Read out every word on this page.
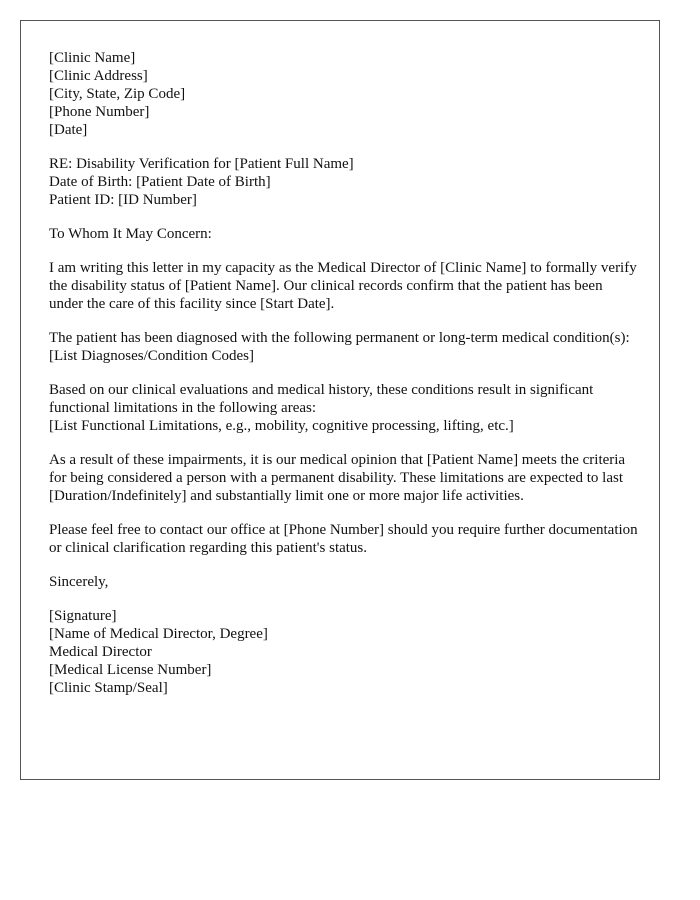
[Clinic Name]
[Clinic Address]
[City, State, Zip Code]
[Phone Number]
[Date]
RE: Disability Verification for [Patient Full Name]
Date of Birth: [Patient Date of Birth]
Patient ID: [ID Number]

To Whom It May Concern:

I am writing this letter in my capacity as the Medical Director of [Clinic Name] to formally verify the disability status of [Patient Name]. Our clinical records confirm that the patient has been under the care of this facility since [Start Date].

The patient has been diagnosed with the following permanent or long-term medical condition(s):
[List Diagnoses/Condition Codes]
Based on our clinical evaluations and medical history, these conditions result in significant functional limitations in the following areas:
[List Functional Limitations, e.g., mobility, cognitive processing, lifting, etc.]

As a result of these impairments, it is our medical opinion that [Patient Name] meets the criteria for being considered a person with a permanent disability. These limitations are expected to last [Duration/Indefinitely] and substantially limit one or more major life activities.

Please feel free to contact our office at [Phone Number] should you require further documentation or clinical clarification regarding this patient's status.

Sincerely,

[Signature]
[Name of Medical Director, Degree]
Medical Director
[Medical License Number]
[Clinic Stamp/Seal]
